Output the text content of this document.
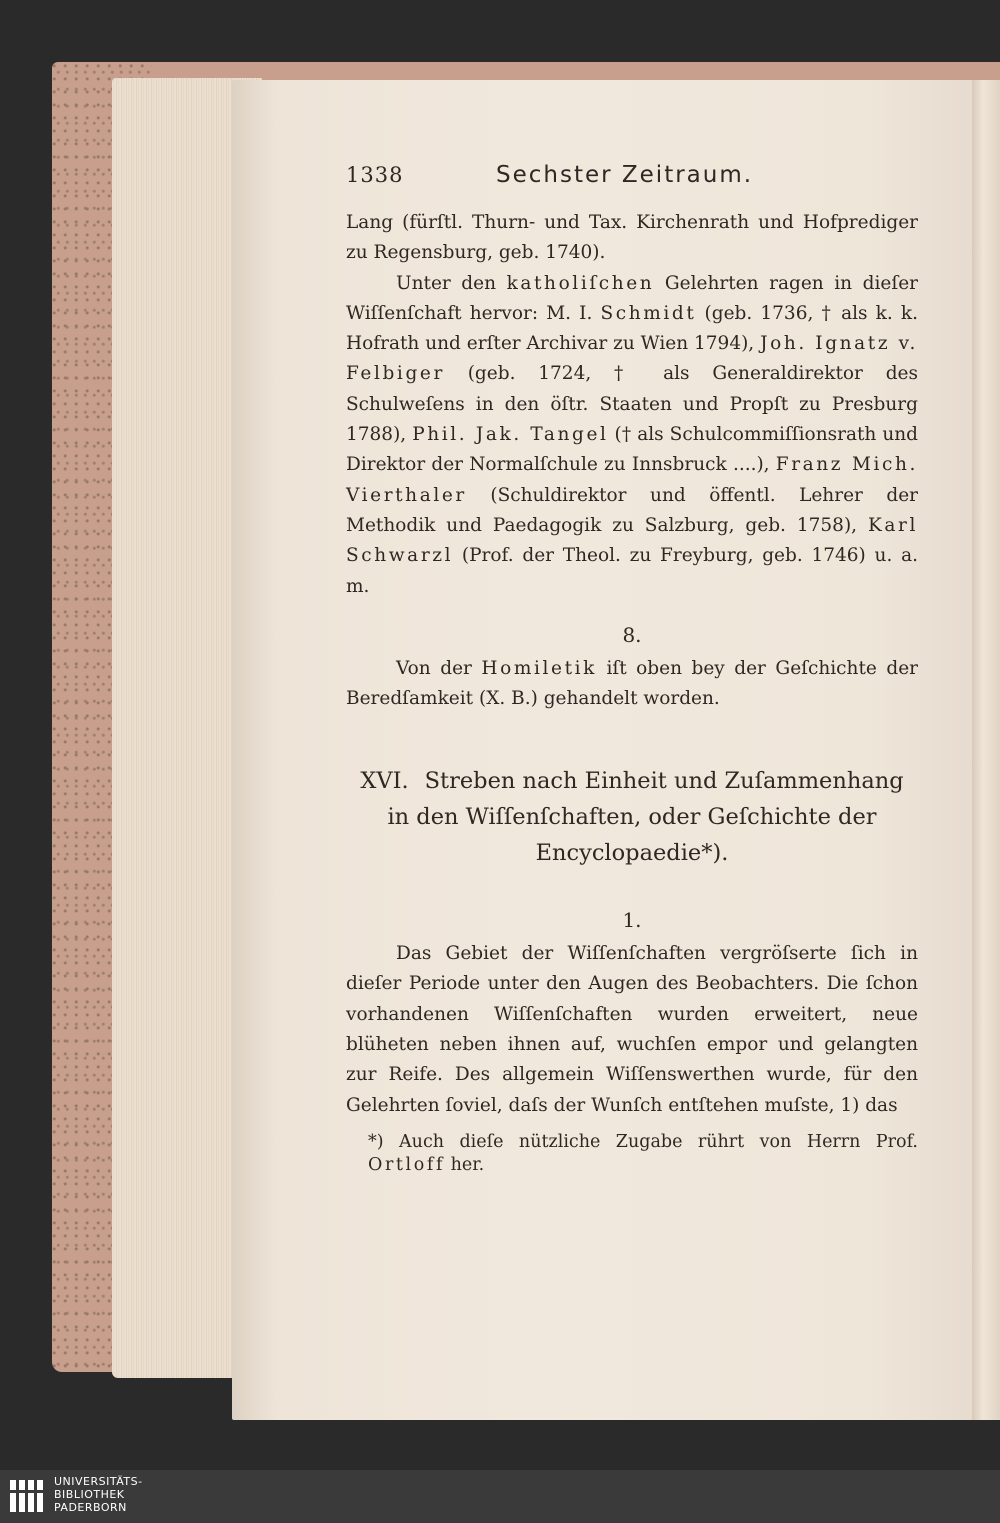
1338	Sechster Zeitraum.

Lang (fürſtl. Thurn- und Tax. Kirchenrath und Hofprediger zu Regensburg, geb. 1740).

Unter den katholiſchen Gelehrten ragen in dieſer Wiſſenſchaft hervor: M. I. Schmidt (geb. 1736, † als k. k. Hofrath und erſter Archivar zu Wien 1794), Joh. Ignatz v. Felbiger (geb. 1724, † als Generaldirektor des Schulweſens in den öſtr. Staaten und Propſt zu Presburg 1788), Phil. Jak. Tangel († als Schulcommiſſionsrath und Direktor der Normalſchule zu Innsbruck ....), Franz Mich. Vierthaler (Schuldirektor und öffentl. Lehrer der Methodik und Paedagogik zu Salzburg, geb. 1758), Karl Schwarzl (Prof. der Theol. zu Freyburg, geb. 1746) u. a. m.

8.

Von der Homiletik iſt oben bey der Geſchichte der Beredſamkeit (X. B.) gehandelt worden.

XVI. Streben nach Einheit und Zuſammenhang in den Wiſſenſchaften, oder Geſchichte der Encyclopaedie*).
1.

Das Gebiet der Wiſſenſchaften vergröſserte ſich in dieſer Periode unter den Augen des Beobachters. Die ſchon vorhandenen Wiſſenſchaften wurden erweitert, neue blüheten neben ihnen auf, wuchſen empor und gelangten zur Reife. Des allgemein Wiſſenswerthen wurde, für den Gelehrten ſoviel, daſs der Wunſch entſtehen muſste, 1) das

*) Auch dieſe nützliche Zugabe rührt von Herrn Prof. Ortloff her.

UNIVERSITÄTS-
BIBLIOTHEK
PADERBORN
